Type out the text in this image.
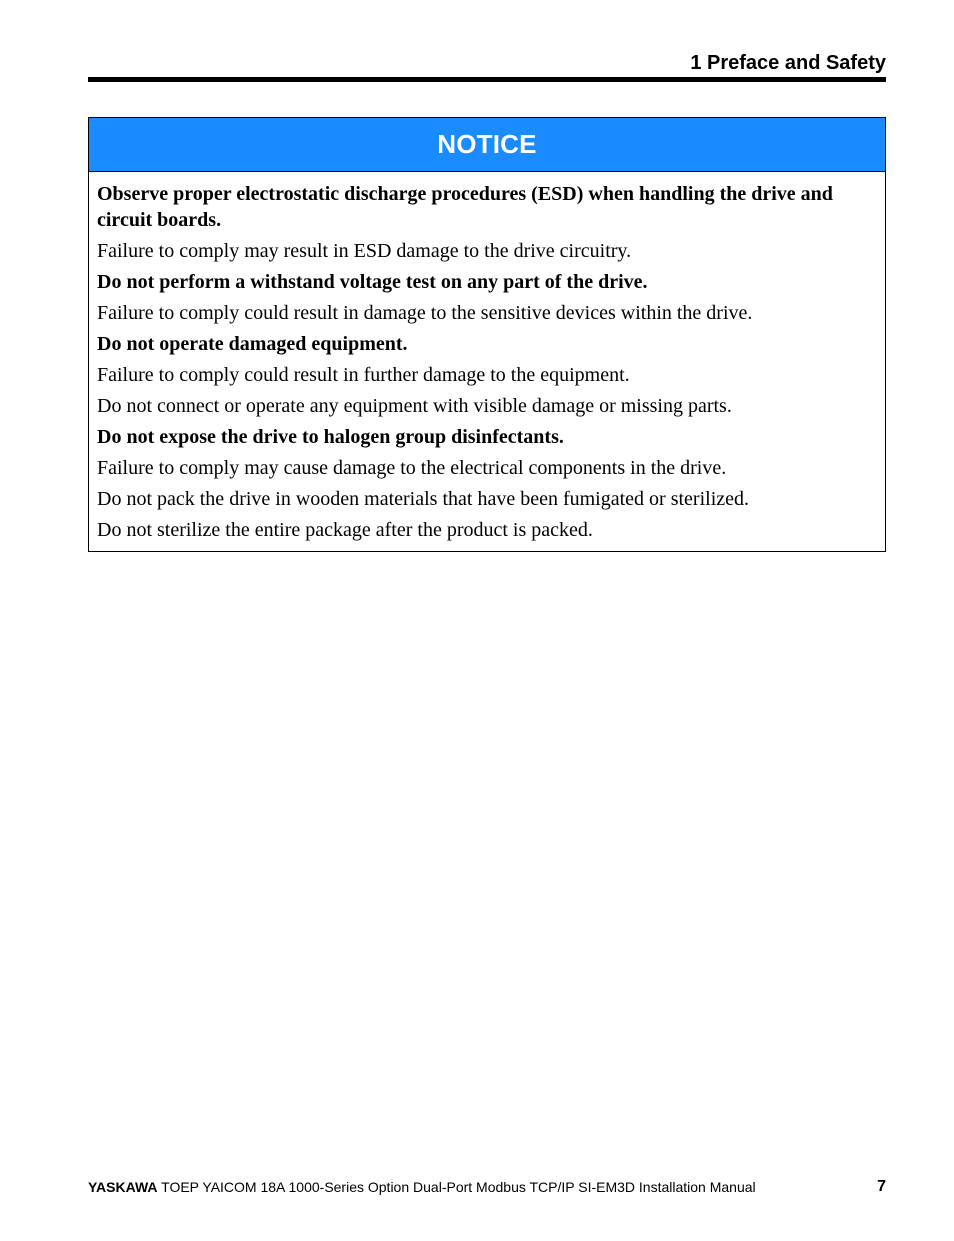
1 Preface and Safety
NOTICE

Observe proper electrostatic discharge procedures (ESD) when handling the drive and circuit boards.

Failure to comply may result in ESD damage to the drive circuitry.

Do not perform a withstand voltage test on any part of the drive.

Failure to comply could result in damage to the sensitive devices within the drive.

Do not operate damaged equipment.

Failure to comply could result in further damage to the equipment.

Do not connect or operate any equipment with visible damage or missing parts.

Do not expose the drive to halogen group disinfectants.

Failure to comply may cause damage to the electrical components in the drive.

Do not pack the drive in wooden materials that have been fumigated or sterilized.

Do not sterilize the entire package after the product is packed.

YASKAWA TOEP YAICOM 18A 1000-Series Option Dual-Port Modbus TCP/IP SI-EM3D Installation Manual	7
